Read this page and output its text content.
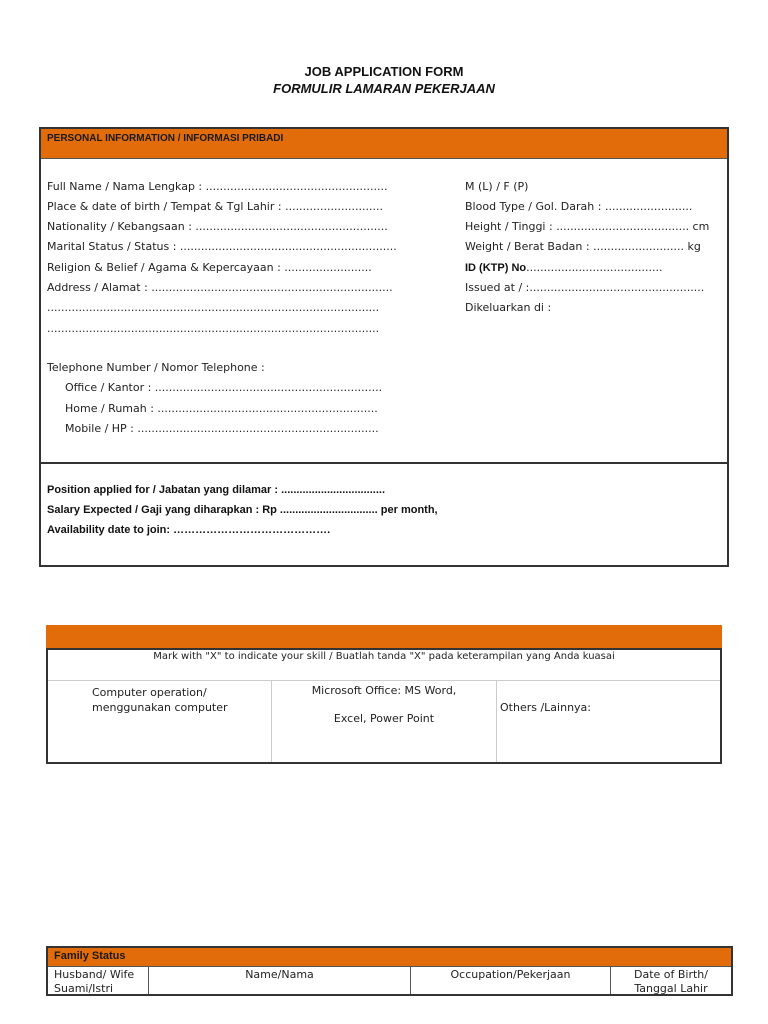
JOB APPLICATION FORM
FORMULIR LAMARAN PEKERJAAN
PERSONAL INFORMATION / INFORMASI PRIBADI
Full Name / Nama Lengkap : ....................................................
Place & date of birth / Tempat & Tgl Lahir : ............................
Nationality / Kebangsaan : .......................................................
Marital Status / Status : ..............................................................
Religion & Belief / Agama & Kepercayaan : .........................
Address / Alamat : .....................................................................
...............................................................................................
...............................................................................................
M (L) / F (P)
Blood Type / Gol. Darah : .........................
Height / Tinggi : ...................................... cm
Weight / Berat Badan : .......................... kg
ID (KTP) No.......................................
Issued at / :..................................................
Dikeluarkan di :
Telephone Number / Nomor Telephone :
Office / Kantor : .................................................................
Home / Rumah : ...............................................................
Mobile / HP : .....................................................................
Position applied for / Jabatan yang dilamar : ..................................
Salary Expected / Gaji yang diharapkan : Rp ................................ per month,
Availability date to join: …………………………………….
Mark with "X" to indicate your skill / Buatlah tanda "X" pada keterampilan yang Anda kuasai
Computer operation/
menggunakan computer
Microsoft Office: MS Word,
Excel, Power Point
Others /Lainnya:
Family Status
Husband/ Wife
Suami/Istri
Name/Nama	Occupation/Pekerjaan	Date of Birth/
Tanggal Lahir
